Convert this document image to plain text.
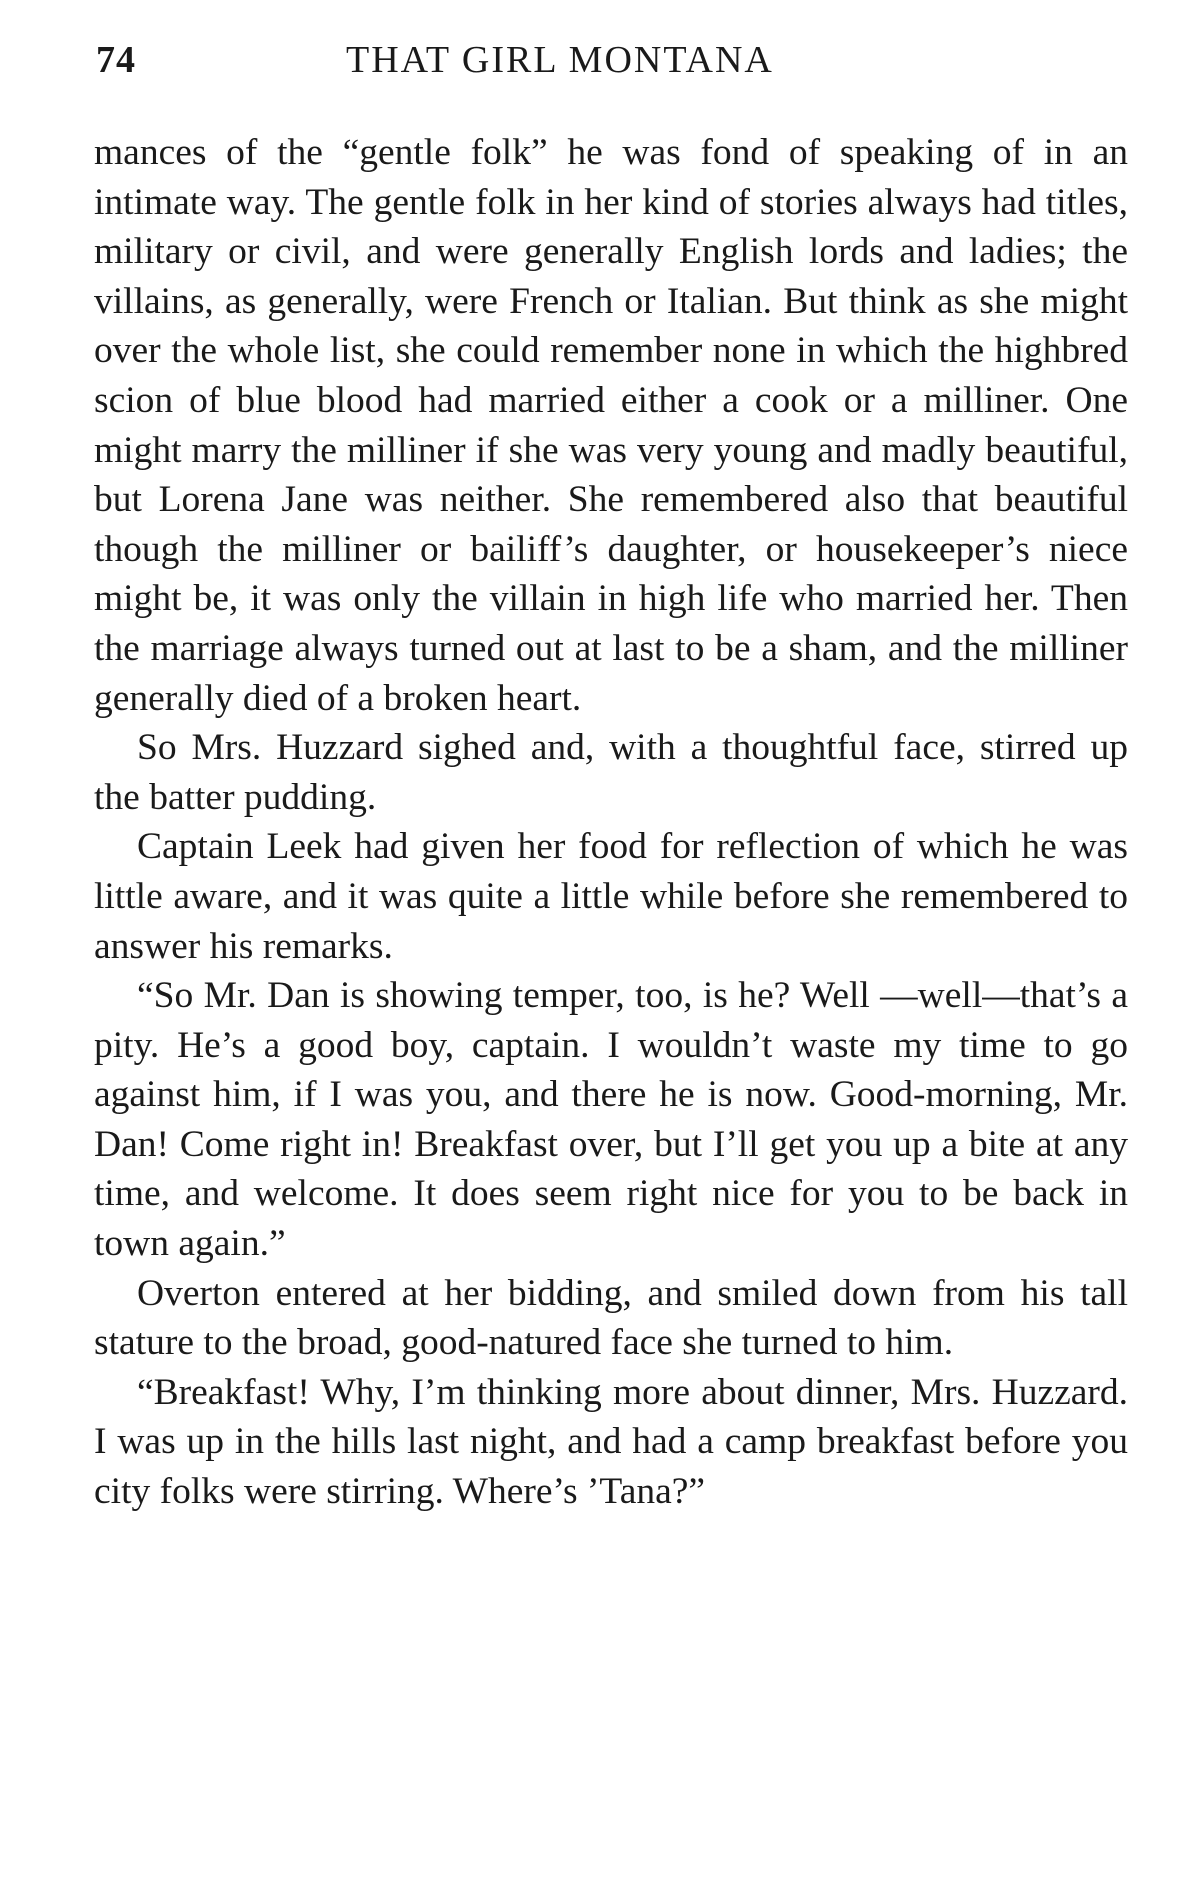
74	THAT GIRL MONTANA

mances of the “gentle folk” he was fond of speaking of in an intimate way. The gentle folk in her kind of stories always had titles, military or civil, and were generally English lords and ladies; the villains, as generally, were French or Italian. But think as she might over the whole list, she could remember none in which the highbred scion of blue blood had married either a cook or a milliner. One might marry the milliner if she was very young and madly beautiful, but Lorena Jane was neither. She remembered also that beautiful though the milliner or bailiff’s daughter, or housekeeper’s niece might be, it was only the villain in high life who married her. Then the marriage always turned out at last to be a sham, and the milliner generally died of a broken heart.

So Mrs. Huzzard sighed and, with a thoughtful face, stirred up the batter pudding.

Captain Leek had given her food for reflection of which he was little aware, and it was quite a little while before she remembered to answer his remarks.

“So Mr. Dan is showing temper, too, is he? Well —well—that’s a pity. He’s a good boy, captain. I wouldn’t waste my time to go against him, if I was you, and there he is now. Good-morning, Mr. Dan! Come right in! Breakfast over, but I’ll get you up a bite at any time, and welcome. It does seem right nice for you to be back in town again.”

Overton entered at her bidding, and smiled down from his tall stature to the broad, good-natured face she turned to him.

“Breakfast! Why, I’m thinking more about dinner, Mrs. Huzzard. I was up in the hills last night, and had a camp breakfast before you city folks were stirring. Where’s ’Tana?”
